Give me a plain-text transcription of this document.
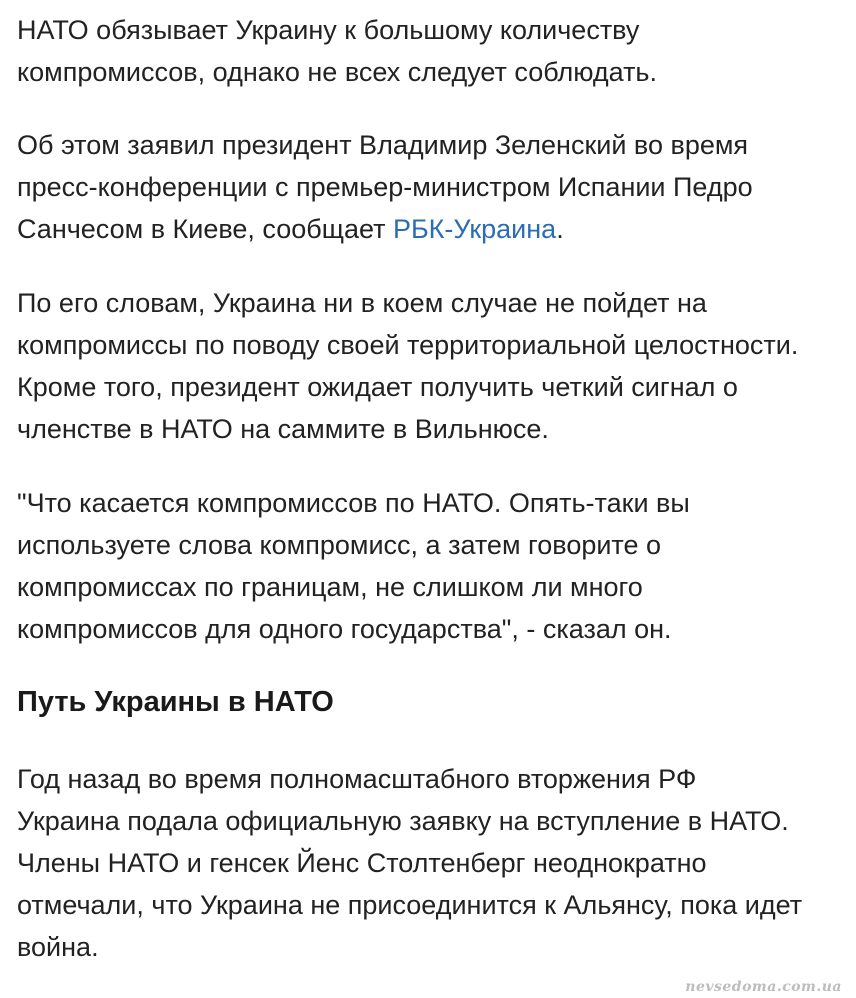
НАТО обязывает Украину к большому количеству
компромиссов, однако не всех следует соблюдать.

Об этом заявил президент Владимир Зеленский во время
пресс-конференции с премьер-министром Испании Педро
Санчесом в Киеве, сообщает РБК-Украина.

По его словам, Украина ни в коем случае не пойдет на
компромиссы по поводу своей территориальной целостности.
Кроме того, президент ожидает получить четкий сигнал о
членстве в НАТО на саммите в Вильнюсе.

"Что касается компромиссов по НАТО. Опять-таки вы
используете слова компромисс, а затем говорите о
компромиссах по границам, не слишком ли много
компромиссов для одного государства", - сказал он.

Путь Украины в НАТО

Год назад во время полномасштабного вторжения РФ
Украина подала официальную заявку на вступление в НАТО.
Члены НАТО и генсек Йенс Столтенберг неоднократно
отмечали, что Украина не присоединится к Альянсу, пока идет
война.

nevsedoma.com.ua
